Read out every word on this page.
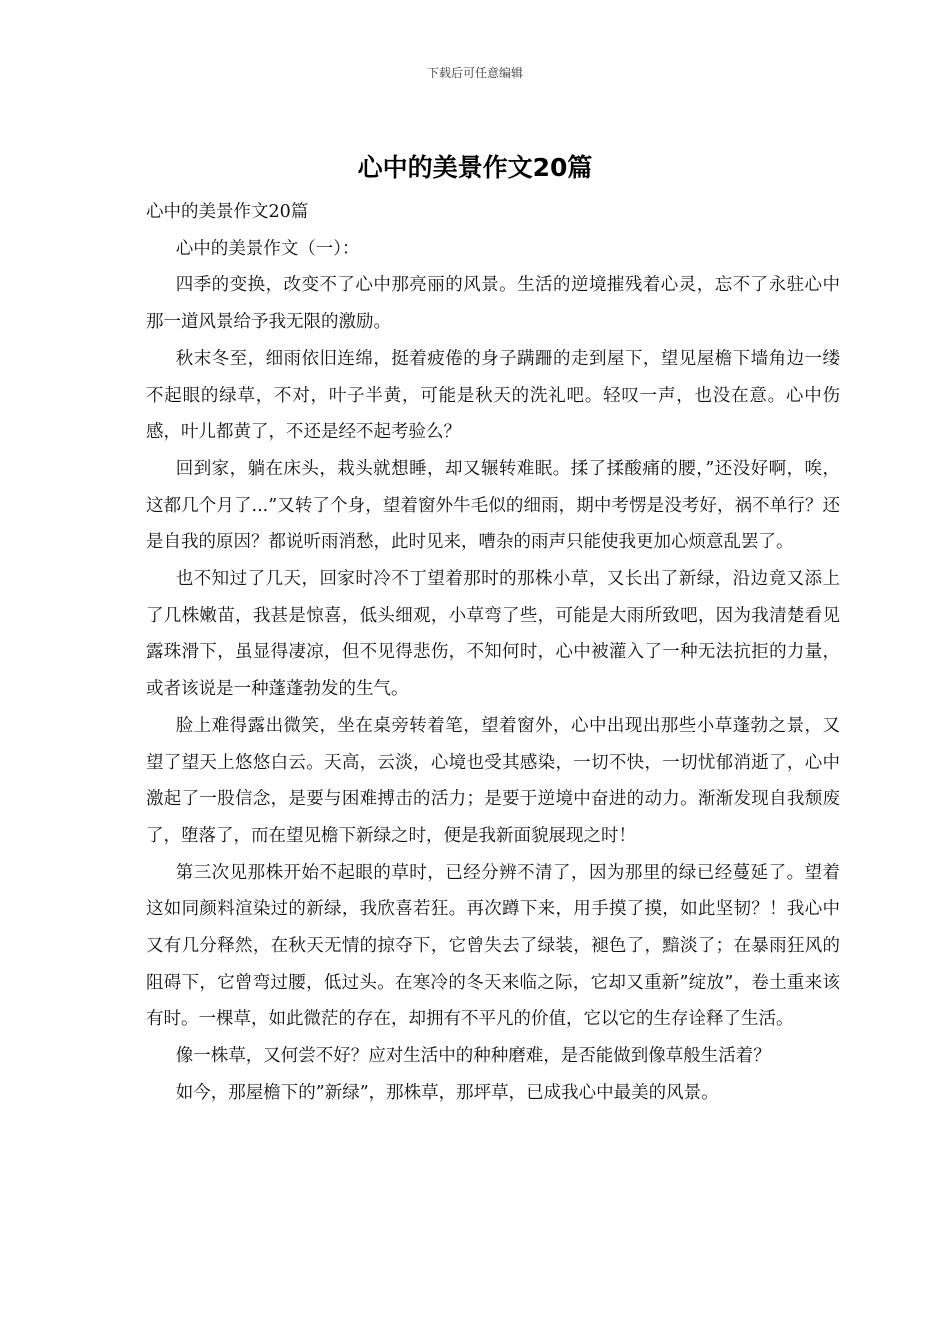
下载后可任意编辑
心中的美景作文20篇

心中的美景作文20篇

心中的美景作文（一）：

四季的变换，改变不了心中那亮丽的风景。生活的逆境摧残着心灵，忘不了永驻心中那一道风景给予我无限的激励。

秋末冬至，细雨依旧连绵，挺着疲倦的身子蹒跚的走到屋下，望见屋檐下墙角边一缕不起眼的绿草，不对，叶子半黄，可能是秋天的洗礼吧。轻叹一声，也没在意。心中伤感，叶儿都黄了，不还是经不起考验么？

回到家，躺在床头，栽头就想睡，却又辗转难眠。揉了揉酸痛的腰，”还没好啊，唉，这都几个月了...”又转了个身，望着窗外牛毛似的细雨，期中考愣是没考好，祸不单行？还是自我的原因？都说听雨消愁，此时见来，嘈杂的雨声只能使我更加心烦意乱罢了。

也不知过了几天，回家时冷不丁望着那时的那株小草，又长出了新绿，沿边竟又添上了几株嫩苗，我甚是惊喜，低头细观，小草弯了些，可能是大雨所致吧，因为我清楚看见露珠滑下，虽显得凄凉，但不见得悲伤，不知何时，心中被灌入了一种无法抗拒的力量，或者该说是一种蓬蓬勃发的生气。

脸上难得露出微笑，坐在桌旁转着笔，望着窗外，心中出现出那些小草蓬勃之景，又望了望天上悠悠白云。天高，云淡，心境也受其感染，一切不快，一切忧郁消逝了，心中激起了一股信念，是要与困难搏击的活力；是要于逆境中奋进的动力。渐渐发现自我颓废了，堕落了，而在望见檐下新绿之时，便是我新面貌展现之时！

第三次见那株开始不起眼的草时，已经分辨不清了，因为那里的绿已经蔓延了。望着这如同颜料渲染过的新绿，我欣喜若狂。再次蹲下来，用手摸了摸，如此坚韧？！我心中又有几分释然，在秋天无情的掠夺下，它曾失去了绿装，褪色了，黯淡了；在暴雨狂风的阻碍下，它曾弯过腰，低过头。在寒冷的冬天来临之际，它却又重新”绽放”，卷土重来该有时。一棵草，如此微茫的存在，却拥有不平凡的价值，它以它的生存诠释了生活。

像一株草，又何尝不好？应对生活中的种种磨难，是否能做到像草般生活着？

如今，那屋檐下的”新绿”，那株草，那坪草，已成我心中最美的风景。
